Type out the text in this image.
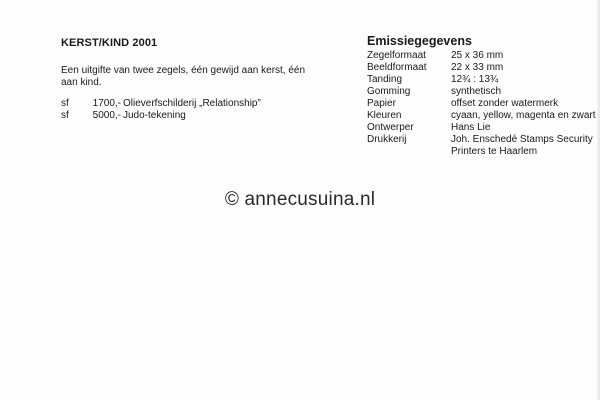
KERST/KIND 2001
Een uitgifte van twee zegels, één gewijd aan kerst, één aan kind.
sf	1700,- Olieverfschilderij „Relationship”
sf	5000,- Judo-tekening
Emissiegegevens
Zegelformaat	25 x 36 mm
Beeldformaat	22 x 33 mm
Tanding	12¾ : 13¾
Gomming	synthetisch
Papier	offset zonder watermerk
Kleuren	cyaan, yellow, magenta en zwart
Ontwerper	Hans Lie
Drukkerij	Joh. Enschedé Stamps Security Printers te Haarlem
© annecusuina.nl
